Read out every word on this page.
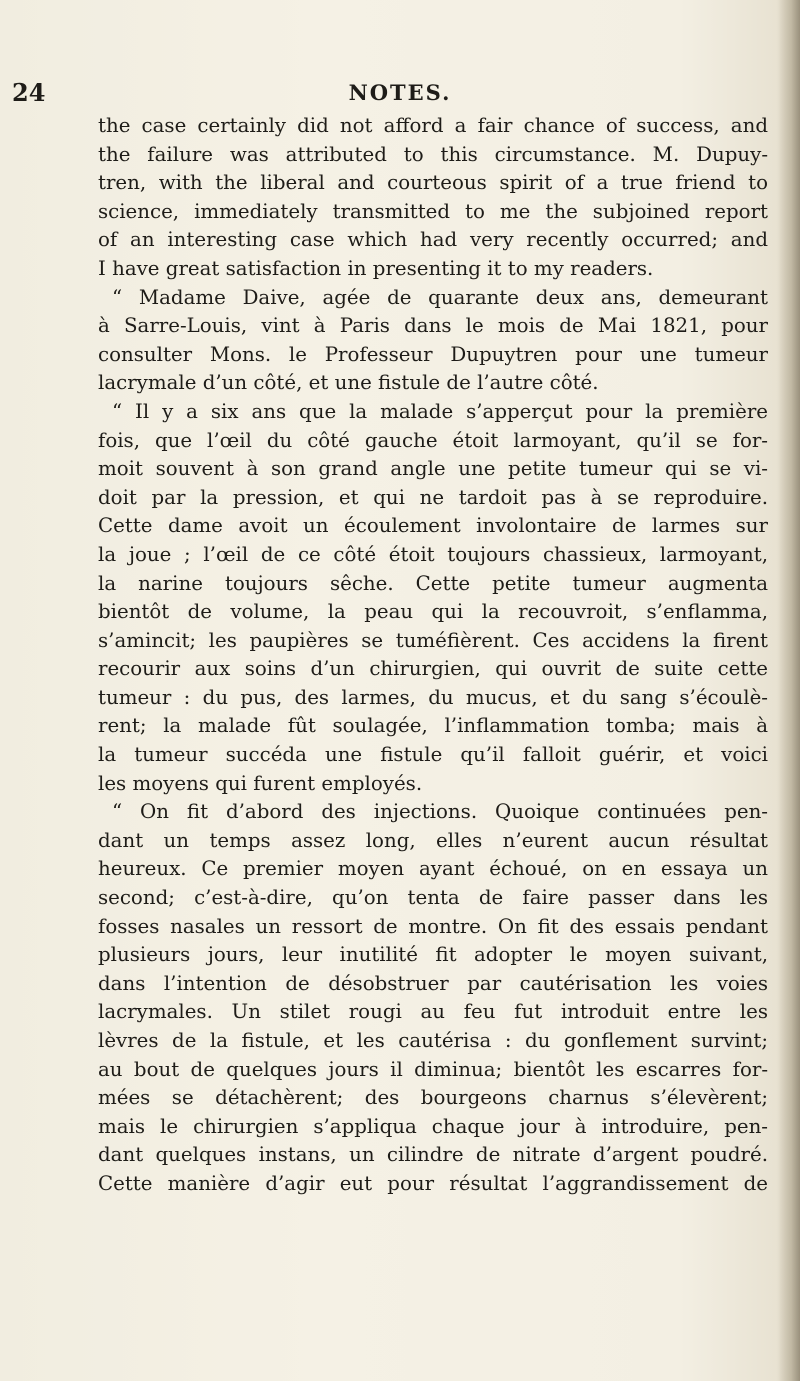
24	NOTES.
the case certainly did not afford a fair chance of success, and
the failure was attributed to this circumstance. M. Dupuy-
tren, with the liberal and courteous spirit of a true friend to
science, immediately transmitted to me the subjoined report
of an interesting case which had very recently occurred; and
I have great satisfaction in presenting it to my readers.
“ Madame Daive, agée de quarante deux ans, demeurant
à Sarre-Louis, vint à Paris dans le mois de Mai 1821, pour
consulter Mons. le Professeur Dupuytren pour une tumeur
lacrymale d’un côté, et une fistule de l’autre côté.
“ Il y a six ans que la malade s’apperçut pour la première
fois, que l’œil du côté gauche étoit larmoyant, qu’il se for-
moit souvent à son grand angle une petite tumeur qui se vi-
doit par la pression, et qui ne tardoit pas à se reproduire.
Cette dame avoit un écoulement involontaire de larmes sur
la joue ; l’œil de ce côté étoit toujours chassieux, larmoyant,
la narine toujours sêche. Cette petite tumeur augmenta
bientôt de volume, la peau qui la recouvroit, s’enflamma,
s’amincit; les paupières se tuméfièrent. Ces accidens la firent
recourir aux soins d’un chirurgien, qui ouvrit de suite cette
tumeur : du pus, des larmes, du mucus, et du sang s’écoulè-
rent; la malade fût soulagée, l’inflammation tomba; mais à
la tumeur succéda une fistule qu’il falloit guérir, et voici
les moyens qui furent employés.
“ On fit d’abord des injections. Quoique continuées pen-
dant un temps assez long, elles n’eurent aucun résultat
heureux. Ce premier moyen ayant échoué, on en essaya un
second; c’est-à-dire, qu’on tenta de faire passer dans les
fosses nasales un ressort de montre. On fit des essais pendant
plusieurs jours, leur inutilité fit adopter le moyen suivant,
dans l’intention de désobstruer par cautérisation les voies
lacrymales. Un stilet rougi au feu fut introduit entre les
lèvres de la fistule, et les cautérisa : du gonflement survint;
au bout de quelques jours il diminua; bientôt les escarres for-
mées se détachèrent; des bourgeons charnus s’élevèrent;
mais le chirurgien s’appliqua chaque jour à introduire, pen-
dant quelques instans, un cilindre de nitrate d’argent poudré.
Cette manière d’agir eut pour résultat l’aggrandissement de
